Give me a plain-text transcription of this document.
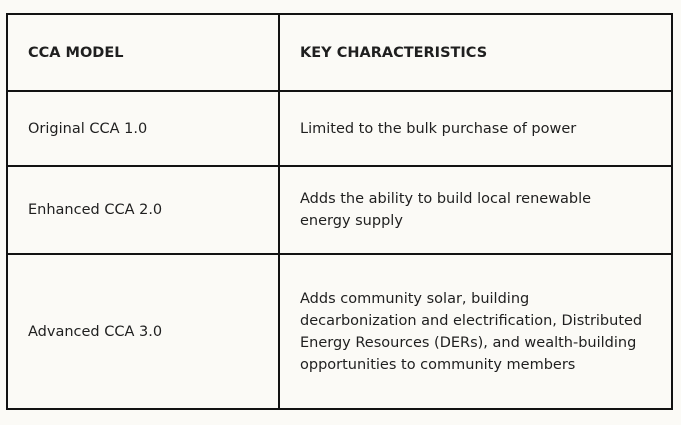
CCA MODEL	KEY CHARACTERISTICS
Original CCA 1.0	Limited to the bulk purchase of power
Enhanced CCA 2.0	Adds the ability to build local renewable energy supply
Advanced CCA 3.0	Adds community solar, building decarbonization and electrification, Distributed Energy Resources (DERs), and wealth-building opportunities to community members
